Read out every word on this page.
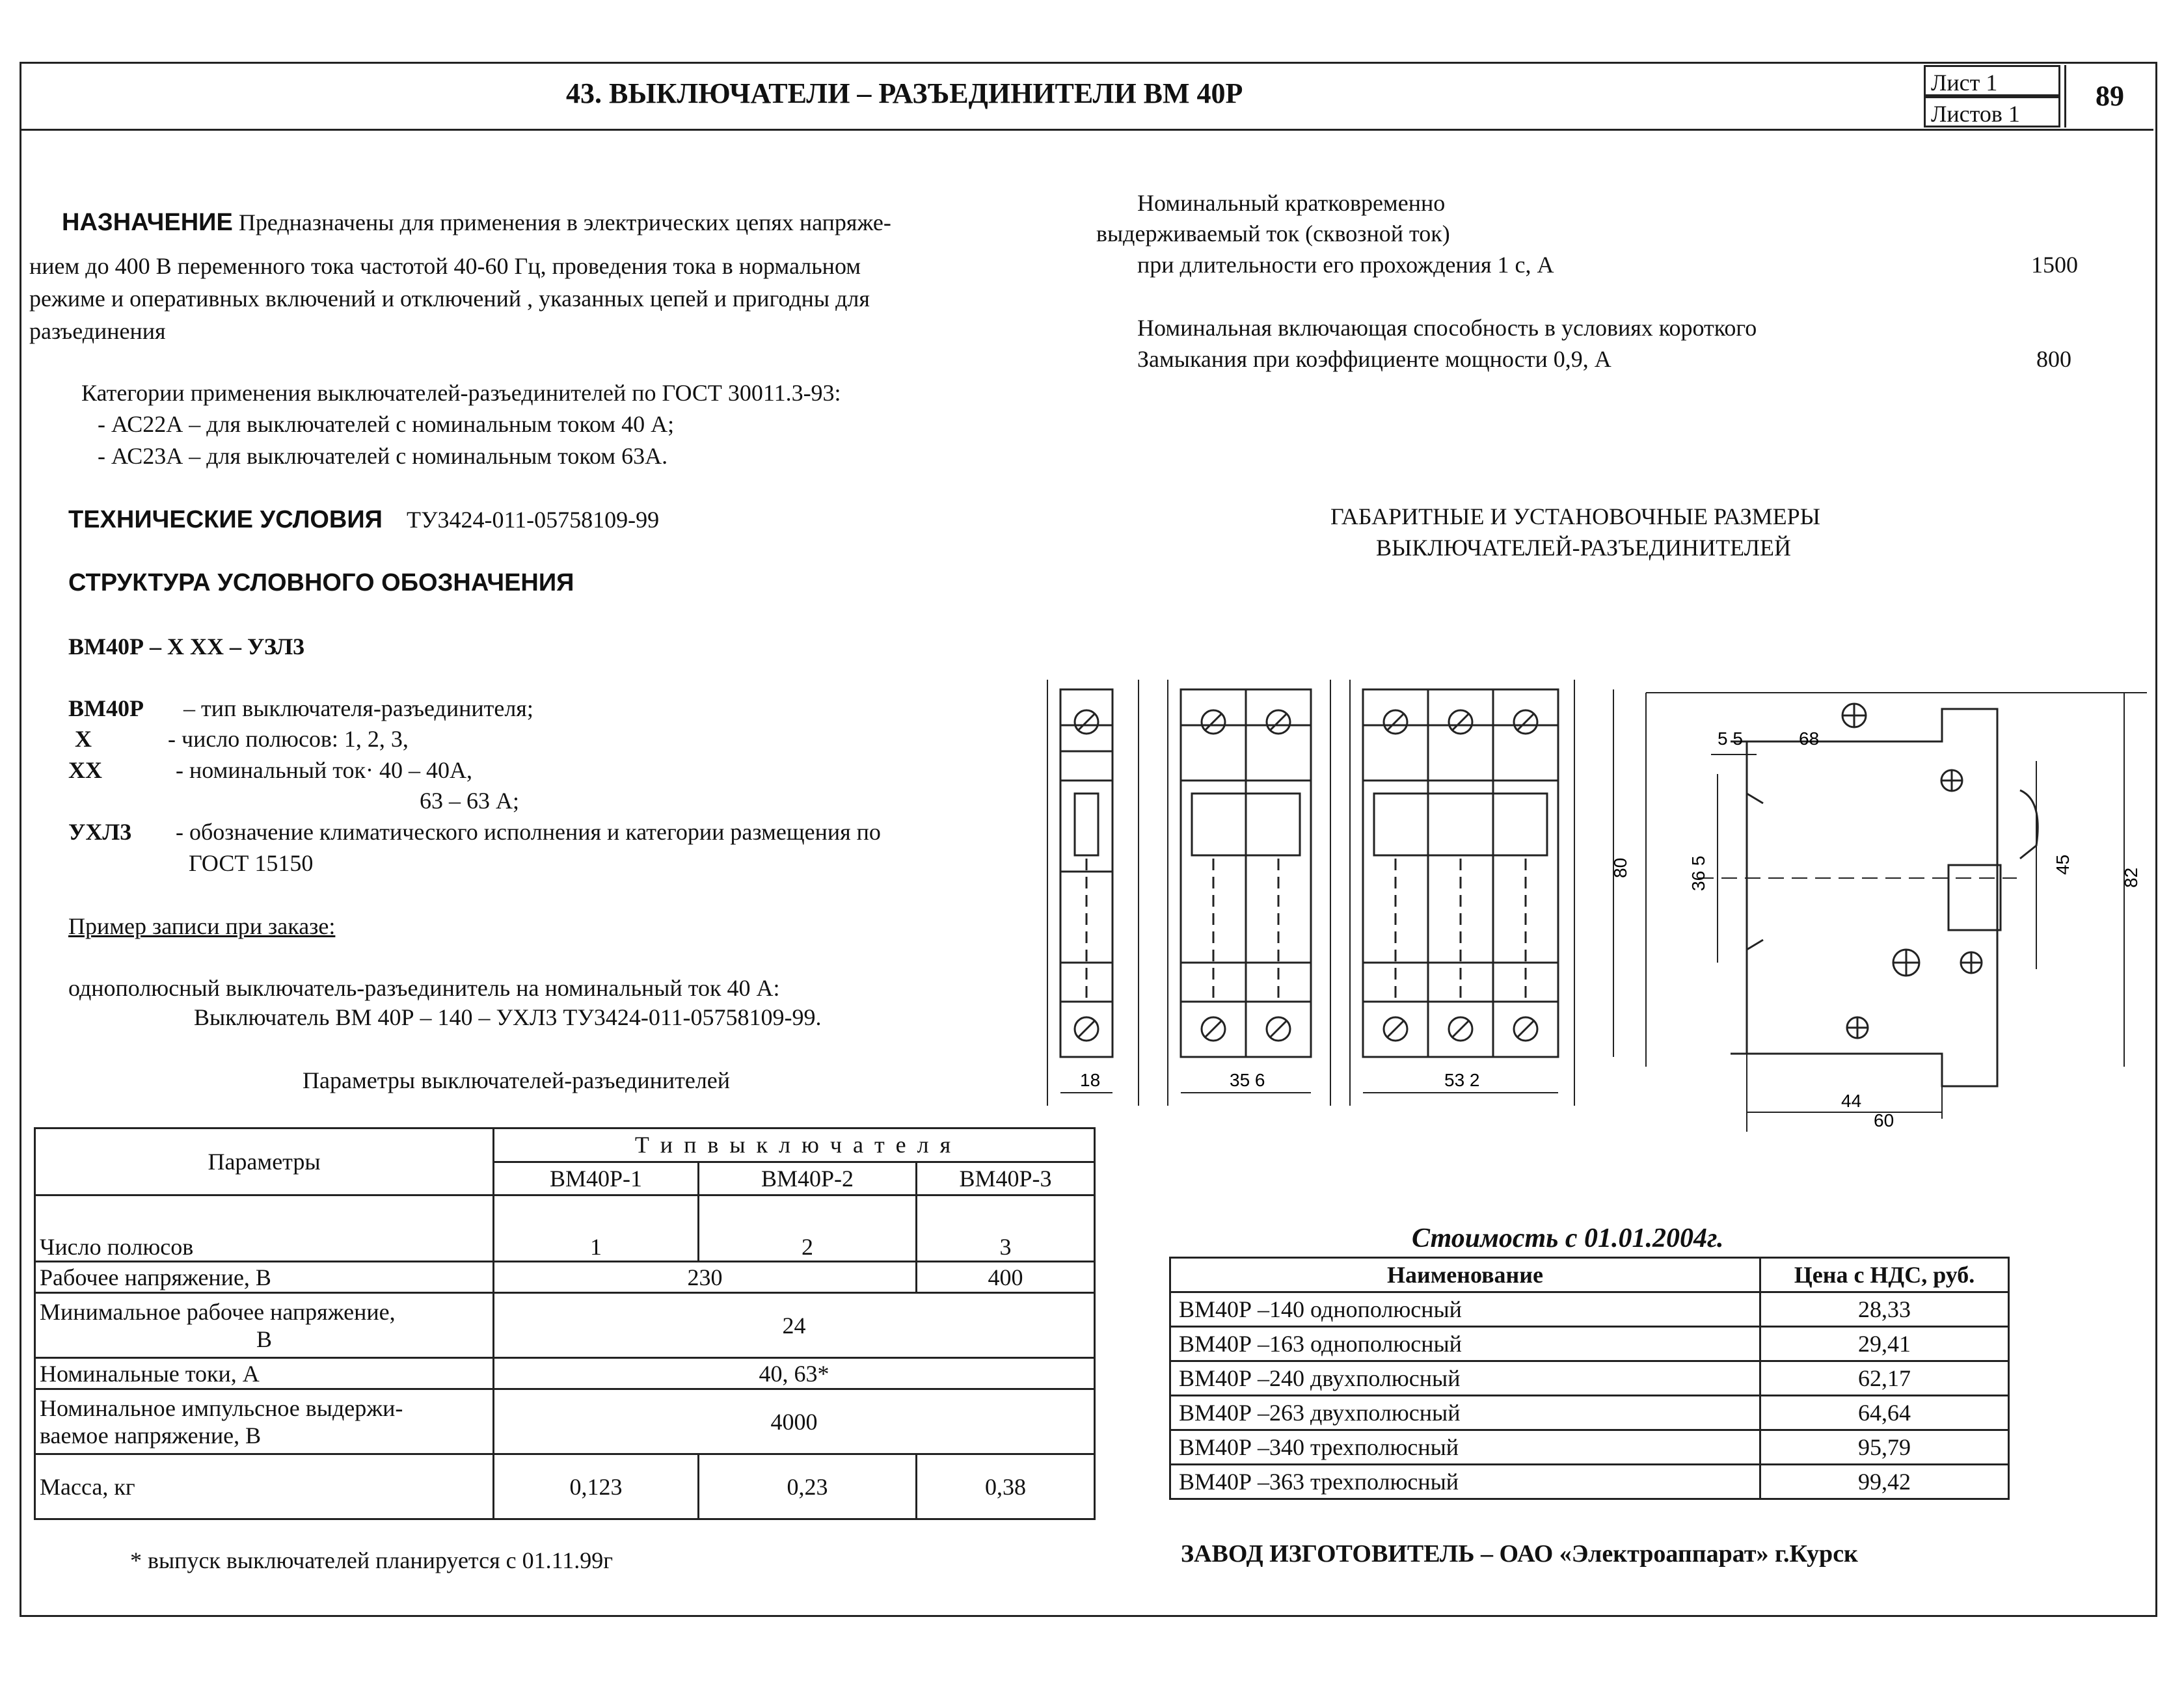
43. ВЫКЛЮЧАТЕЛИ – РАЗЪЕДИНИТЕЛИ ВМ 40Р	Лист 1
Листов 1
89
НАЗНАЧЕНИЕ Предназначены для применения в электрических цепях напряже-
нием до 400 В переменного тока частотой 40-60 Гц, проведения тока в нормальном
режиме и оперативных включений и отключений , указанных цепей и пригодны для
разъединения
Категории применения выключателей-разъединителей по ГОСТ 30011.3-93:
- АС22А – для выключателей с номинальным током 40 А;
- АС23А – для выключателей с номинальным током 63А.
ТЕХНИЧЕСКИЕ УСЛОВИЯ ТУ3424-011-05758109-99
СТРУКТУРА УСЛОВНОГО ОБОЗНАЧЕНИЯ
ВМ40Р – Х ХХ – УЗЛ3
ВМ40Р – тип выключателя-разъединителя;
Х	- число полюсов: 1, 2, 3,
ХХ	- номинальный ток· 40 – 40А,
63 – 63 А;
УХЛ3 - обозначение климатического исполнения и категории размещения по
ГОСТ 15150
Пример записи при заказе:
однополюсный выключатель-разъединитель на номинальный ток 40 А:
Выключатель ВМ 40Р – 140 – УХЛ3 ТУ3424-011-05758109-99.
Параметры выключателей-разъединителей
Параметры	Т и п в ы к л ю ч а т е л я		
	ВМ40Р-1	ВМ40Р-2	ВМ40Р-3
Число полюсов	1	2	3
Рабочее напряжение, В	230		400

Минимальное рабочее напряжение,
В	24		
Номинальные токи, А	40, 63*		

Номинальное импульсное выдержи-
ваемое напряжение, В	4000		
Масса, кг	0,123	0,23	0,38
* выпуск выключателей планируется с 01.11.99г
Номинальный кратковременно
выдерживаемый ток (сквозной ток)
при длительности его прохождения 1 с, А	1500
Номинальная включающая способность в условиях короткого
Замыкания при коэффициенте мощности 0,9, А	800
ГАБАРИТНЫЕ И УСТАНОВОЧНЫЕ РАЗМЕРЫ
ВЫКЛЮЧАТЕЛЕЙ-РАЗЪЕДИНИТЕЛЕЙ
18	35 6	53 2
80
5 5	68
36 5	45
82
44
60
Стоимость с 01.01.2004г.
Наименование	Цена с НДС, руб.
ВМ40Р –140 однополюсный	28,33
ВМ40Р –163 однополюсный	29,41
ВМ40Р –240 двухполюсный	62,17
ВМ40Р –263 двухполюсный	64,64
ВМ40Р –340 трехполюсный	95,79
ВМ40Р –363 трехполюсный	99,42
ЗАВОД ИЗГОТОВИТЕЛЬ – ОАО «Электроаппарат» г.Курск
